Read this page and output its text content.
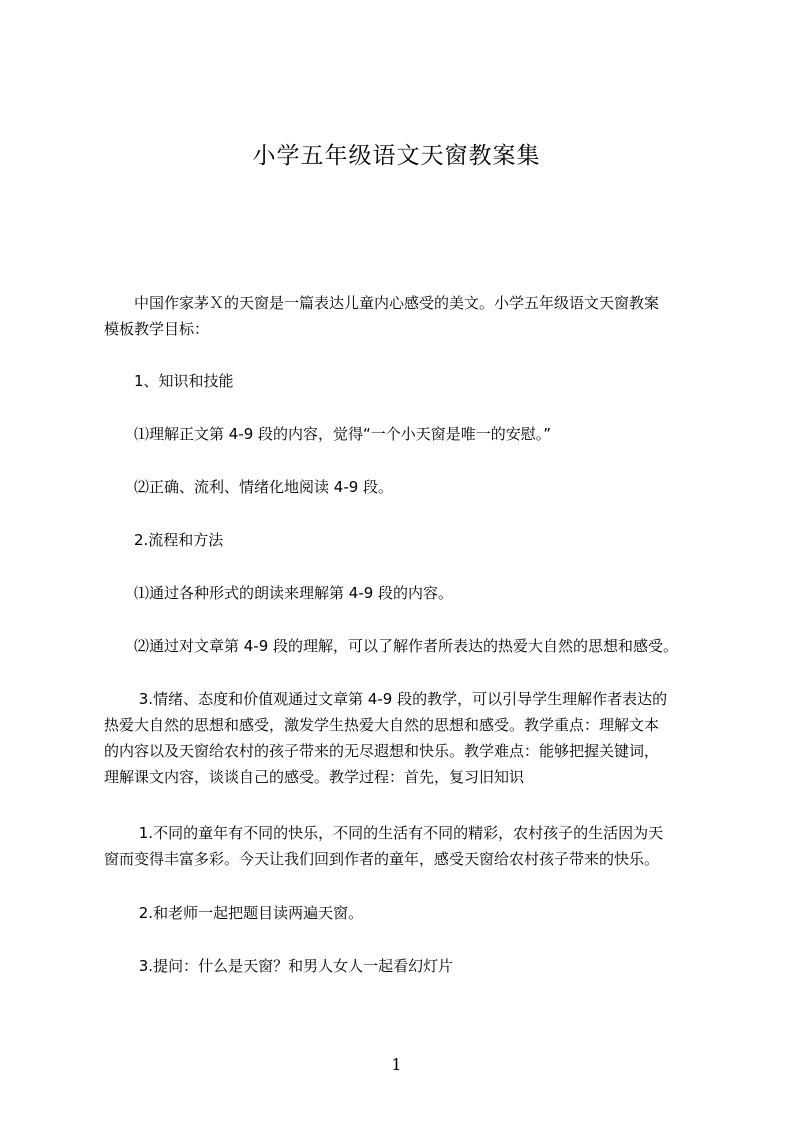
小学五年级语文天窗教案集

　　中国作家茅Ｘ的天窗是一篇表达儿童内心感受的美文。小学五年级语文天窗教案
模板教学目标：

　　1、知识和技能

　　⑴理解正文第 4-9 段的内容，觉得“一个小天窗是唯一的安慰。”

　　⑵正确、流利、情绪化地阅读 4-9 段。

　　2.流程和方法

　　⑴通过各种形式的朗读来理解第 4-9 段的内容。

　　⑵通过对文章第 4-9 段的理解，可以了解作者所表达的热爱大自然的思想和感受。

　　 3.情绪、态度和价值观通过文章第 4-9 段的教学，可以引导学生理解作者表达的
热爱大自然的思想和感受，激发学生热爱大自然的思想和感受。教学重点：理解文本
的内容以及天窗给农村的孩子带来的无尽遐想和快乐。教学难点：能够把握关键词，
理解课文内容，谈谈自己的感受。教学过程：首先，复习旧知识

　　 1.不同的童年有不同的快乐，不同的生活有不同的精彩，农村孩子的生活因为天
窗而变得丰富多彩。今天让我们回到作者的童年，感受天窗给农村孩子带来的快乐。

　　 2.和老师一起把题目读两遍天窗。

　　 3.提问：什么是天窗？和男人女人一起看幻灯片

1
